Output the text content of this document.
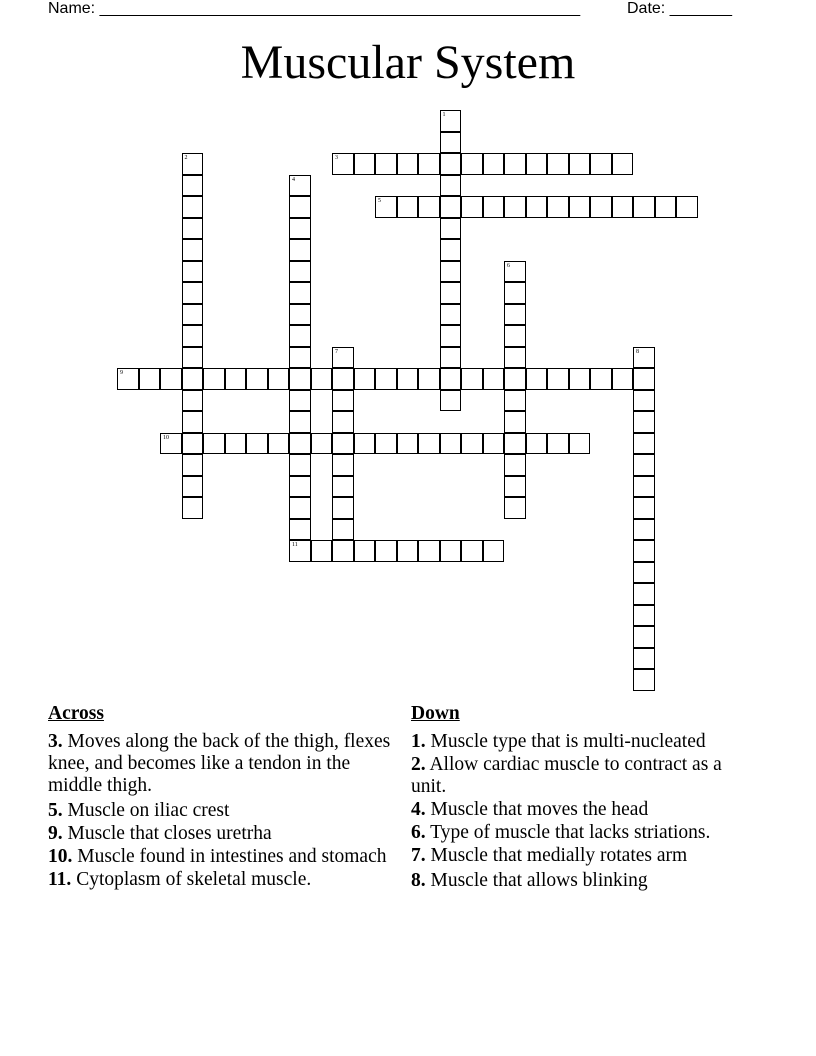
Name: ______________________________________________________	Date: _______
Muscular System
1
2	3
4
11
5
6
7	8
9
10
Across
3. Moves along the back of the thigh, flexes knee, and becomes like a tendon in the middle thigh.
5. Muscle on iliac crest
9. Muscle that closes uretrha
10. Muscle found in intestines and stomach
11. Cytoplasm of skeletal muscle.
Down
1. Muscle type that is multi-nucleated
2. Allow cardiac muscle to contract as a unit.
4. Muscle that moves the head
6. Type of muscle that lacks striations.
7. Muscle that medially rotates arm
8. Muscle that allows blinking
